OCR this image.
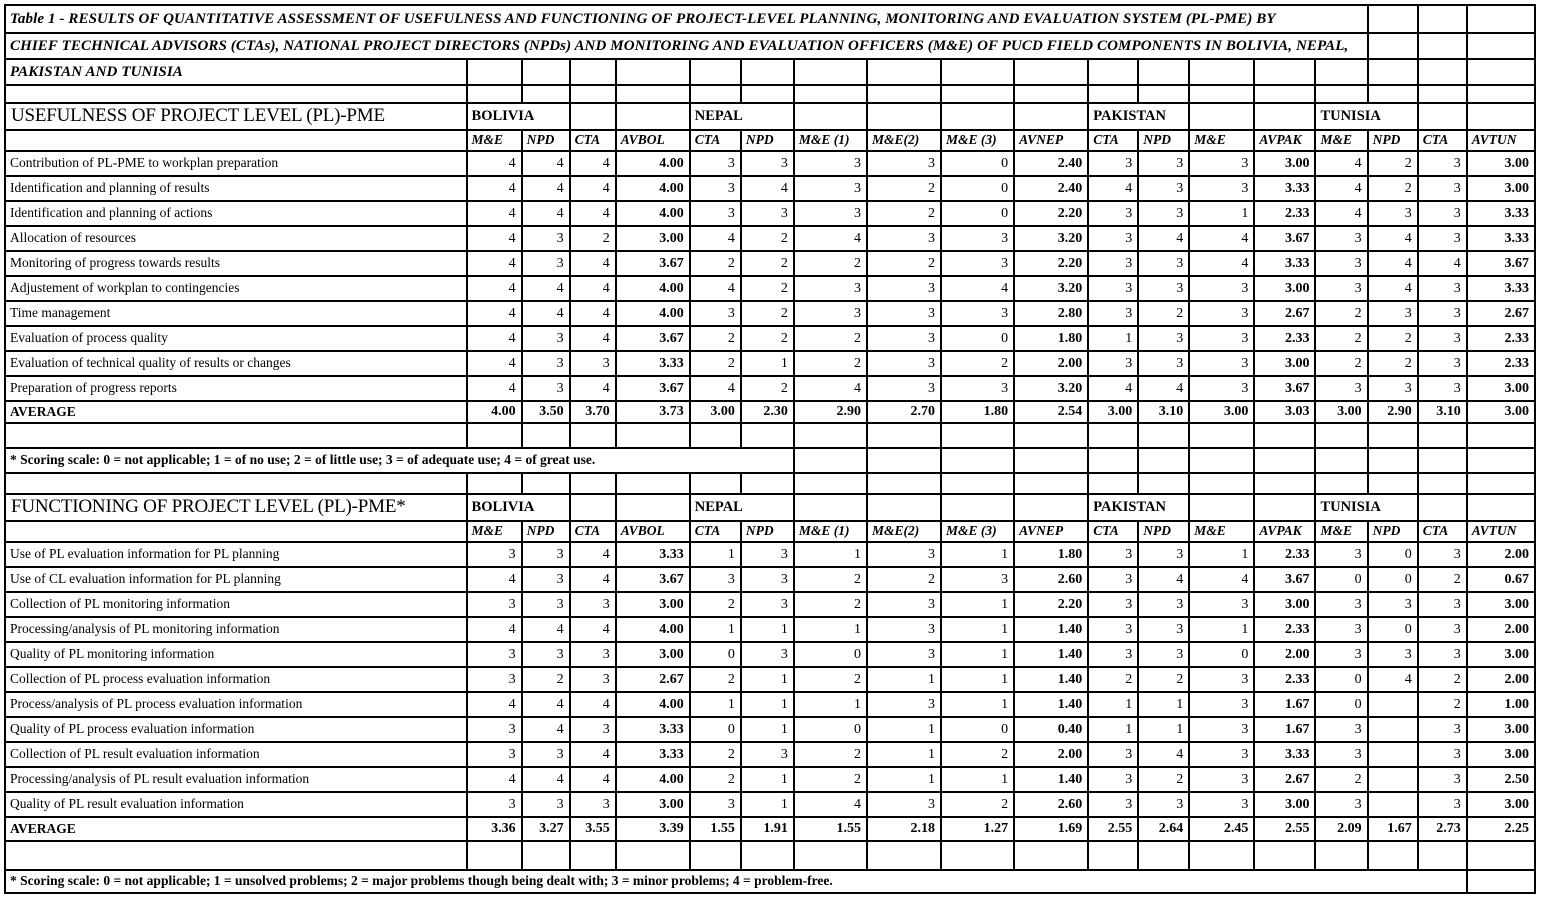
Table 1 - RESULTS OF QUANTITATIVE ASSESSMENT OF USEFULNESS AND FUNCTIONING OF PROJECT-LEVEL PLANNING, MONITORING AND EVALUATION SYSTEM (PL-PME) BY																		
CHIEF TECHNICAL ADVISORS (CTAs), NATIONAL PROJECT DIRECTORS (NPDs) AND MONITORING AND EVALUATION OFFICERS (M&E) OF PUCD FIELD COMPONENTS IN BOLIVIA, NEPAL,																		
PAKISTAN AND TUNISIA																		

USEFULNESS OF PROJECT LEVEL (PL)-PME	BOLIVIA				NEPAL						PAKISTAN				TUNISIA			
	M&E	NPD	CTA	AVBOL	CTA	NPD	M&E (1)	M&E(2)	M&E (3)	AVNEP	CTA	NPD	M&E	AVPAK	M&E	NPD	CTA	AVTUN
Contribution of PL-PME to workplan preparation	4	4	4	4.00	3	3	3	3	0	2.40	3	3	3	3.00	4	2	3	3.00
Identification and planning of results	4	4	4	4.00	3	4	3	2	0	2.40	4	3	3	3.33	4	2	3	3.00
Identification and planning of actions	4	4	4	4.00	3	3	3	2	0	2.20	3	3	1	2.33	4	3	3	3.33
Allocation of resources	4	3	2	3.00	4	2	4	3	3	3.20	3	4	4	3.67	3	4	3	3.33
Monitoring of progress towards results	4	3	4	3.67	2	2	2	2	3	2.20	3	3	4	3.33	3	4	4	3.67
Adjustement of workplan to contingencies	4	4	4	4.00	4	2	3	3	4	3.20	3	3	3	3.00	3	4	3	3.33
Time management	4	4	4	4.00	3	2	3	3	3	2.80	3	2	3	2.67	2	3	3	2.67
Evaluation of process quality	4	3	4	3.67	2	2	2	3	0	1.80	1	3	3	2.33	2	2	3	2.33
Evaluation of technical quality of results or changes	4	3	3	3.33	2	1	2	3	2	2.00	3	3	3	3.00	2	2	3	2.33
Preparation of progress reports	4	3	4	3.67	4	2	4	3	3	3.20	4	4	3	3.67	3	3	3	3.00
AVERAGE	4.00	3.50	3.70	3.73	3.00	2.30	2.90	2.70	1.80	2.54	3.00	3.10	3.00	3.03	3.00	2.90	3.10	3.00

* Scoring scale: 0 = not applicable; 1 = of no use; 2 = of little use; 3 = of adequate use; 4 = of great use.																		

FUNCTIONING OF PROJECT LEVEL (PL)-PME*	BOLIVIA				NEPAL						PAKISTAN				TUNISIA			
	M&E	NPD	CTA	AVBOL	CTA	NPD	M&E (1)	M&E(2)	M&E (3)	AVNEP	CTA	NPD	M&E	AVPAK	M&E	NPD	CTA	AVTUN
Use of PL evaluation information for PL planning	3	3	4	3.33	1	3	1	3	1	1.80	3	3	1	2.33	3	0	3	2.00
Use of CL evaluation information for PL planning	4	3	4	3.67	3	3	2	2	3	2.60	3	4	4	3.67	0	0	2	0.67
Collection of PL monitoring information	3	3	3	3.00	2	3	2	3	1	2.20	3	3	3	3.00	3	3	3	3.00
Processing/analysis of PL monitoring information	4	4	4	4.00	1	1	1	3	1	1.40	3	3	1	2.33	3	0	3	2.00
Quality of PL monitoring information	3	3	3	3.00	0	3	0	3	1	1.40	3	3	0	2.00	3	3	3	3.00
Collection of PL process evaluation information	3	2	3	2.67	2	1	2	1	1	1.40	2	2	3	2.33	0	4	2	2.00
Process/analysis of PL process evaluation information	4	4	4	4.00	1	1	1	3	1	1.40	1	1	3	1.67	0		2	1.00
Quality of PL process evaluation information	3	4	3	3.33	0	1	0	1	0	0.40	1	1	3	1.67	3		3	3.00
Collection of PL result evaluation information	3	3	4	3.33	2	3	2	1	2	2.00	3	4	3	3.33	3		3	3.00
Processing/analysis of PL result evaluation information	4	4	4	4.00	2	1	2	1	1	1.40	3	2	3	2.67	2		3	2.50
Quality of PL result evaluation information	3	3	3	3.00	3	1	4	3	2	2.60	3	3	3	3.00	3		3	3.00
AVERAGE	3.36	3.27	3.55	3.39	1.55	1.91	1.55	2.18	1.27	1.69	2.55	2.64	2.45	2.55	2.09	1.67	2.73	2.25

* Scoring scale: 0 = not applicable; 1 = unsolved problems; 2 = major problems though being dealt with; 3 = minor problems; 4 = problem-free.																		
